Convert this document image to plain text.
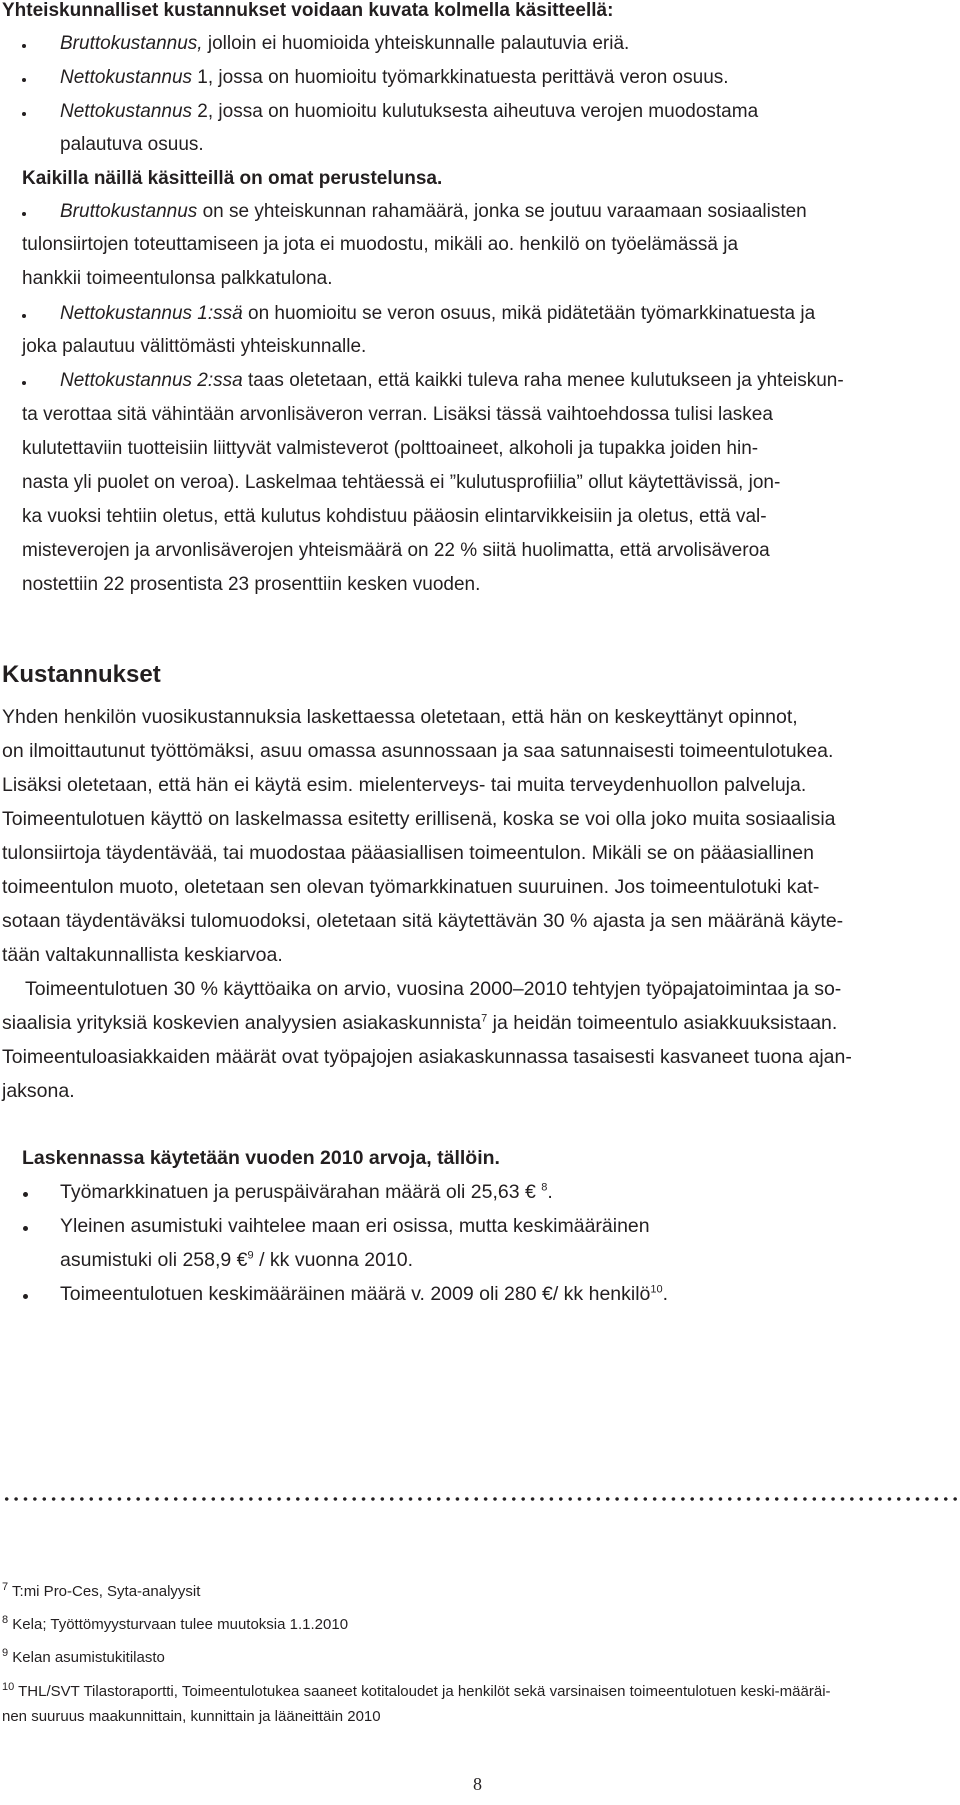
Yhteiskunnalliset kustannukset voidaan kuvata kolmella käsitteellä:
Bruttokustannus, jolloin ei huomioida yhteiskunnalle palautuvia eriä.
Nettokustannus 1, jossa on huomioitu työmarkkinatuesta perittävä veron osuus.
Nettokustannus 2, jossa on huomioitu kulutuksesta aiheutuva verojen muodostama
palautuva osuus.
Kaikilla näillä käsitteillä on omat perustelunsa.
Bruttokustannus on se yhteiskunnan rahamäärä, jonka se joutuu varaamaan sosiaalisten
tulonsiirtojen toteuttamiseen ja jota ei muodostu, mikäli ao. henkilö on työelämässä ja
hankkii toimeentulonsa palkkatulona.
Nettokustannus 1:ssä on huomioitu se veron osuus, mikä pidätetään työmarkkinatuesta ja
joka palautuu välittömästi yhteiskunnalle.
Nettokustannus 2:ssa taas oletetaan, että kaikki tuleva raha menee kulutukseen ja yhteiskun-
ta verottaa sitä vähintään arvonlisäveron verran. Lisäksi tässä vaihtoehdossa tulisi laskea
kulutettaviin tuotteisiin liittyvät valmisteverot (polttoaineet, alkoholi ja tupakka joiden hin-
nasta yli puolet on veroa). Laskelmaa tehtäessä ei ”kulutusprofiilia” ollut käytettävissä, jon-
ka vuoksi tehtiin oletus, että kulutus kohdistuu pääosin elintarvikkeisiin ja oletus, että val-
misteverojen ja arvonlisäverojen yhteismäärä on 22 % siitä huolimatta, että arvolisäveroa
nostettiin 22 prosentista 23 prosenttiin kesken vuoden.
Kustannukset
Yhden henkilön vuosikustannuksia laskettaessa oletetaan, että hän on keskeyttänyt opinnot,
on ilmoittautunut työttömäksi, asuu omassa asunnossaan ja saa satunnaisesti toimeentulotukea.
Lisäksi oletetaan, että hän ei käytä esim. mielenterveys- tai muita terveydenhuollon palveluja.
Toimeentulotuen käyttö on laskelmassa esitetty erillisenä, koska se voi olla joko muita sosiaalisia
tulonsiirtoja täydentävää, tai muodostaa pääasiallisen toimeentulon. Mikäli se on pääasiallinen
toimeentulon muoto, oletetaan sen olevan työmarkkinatuen suuruinen. Jos toimeentulotuki kat-
sotaan täydentäväksi tulomuodoksi, oletetaan sitä käytettävän 30 % ajasta ja sen määränä käyte-
tään valtakunnallista keskiarvoa.
Toimeentulotuen 30 % käyttöaika on arvio, vuosina 2000–2010 tehtyjen työpajatoimintaa ja so-
siaalisia yrityksiä koskevien analyysien asiakaskunnista$^7$ ja heidän toimeentulo asiakkuuksistaan.
Toimeentuloasiakkaiden määrät ovat työpajojen asiakaskunnassa tasaisesti kasvaneet tuona ajan-
jaksona.
Laskennassa käytetään vuoden 2010 arvoja, tällöin.
Työmarkkinatuen ja peruspäivärahan määrä oli 25,63 € $^8$.
Yleinen asumistuki vaihtelee maan eri osissa, mutta keskimääräinen
asumistuki oli 258,9 €$^9$ / kk vuonna 2010.
Toimeentulotuen keskimääräinen määrä v. 2009 oli 280 €/ kk henkilö$^{10}$.
$^7$ T:mi Pro-Ces, Syta-analyysit
$^8$ Kela; Työttömyysturvaan tulee muutoksia 1.1.2010
$^9$ Kelan asumistukitilasto
$^{10}$ THL/SVT Tilastoraportti, Toimeentulotukea saaneet kotitaloudet ja henkilöt sekä varsinaisen toimeentulotuen keski-määräi-
nen suuruus maakunnittain, kunnittain ja lääneittäin 2010
8
